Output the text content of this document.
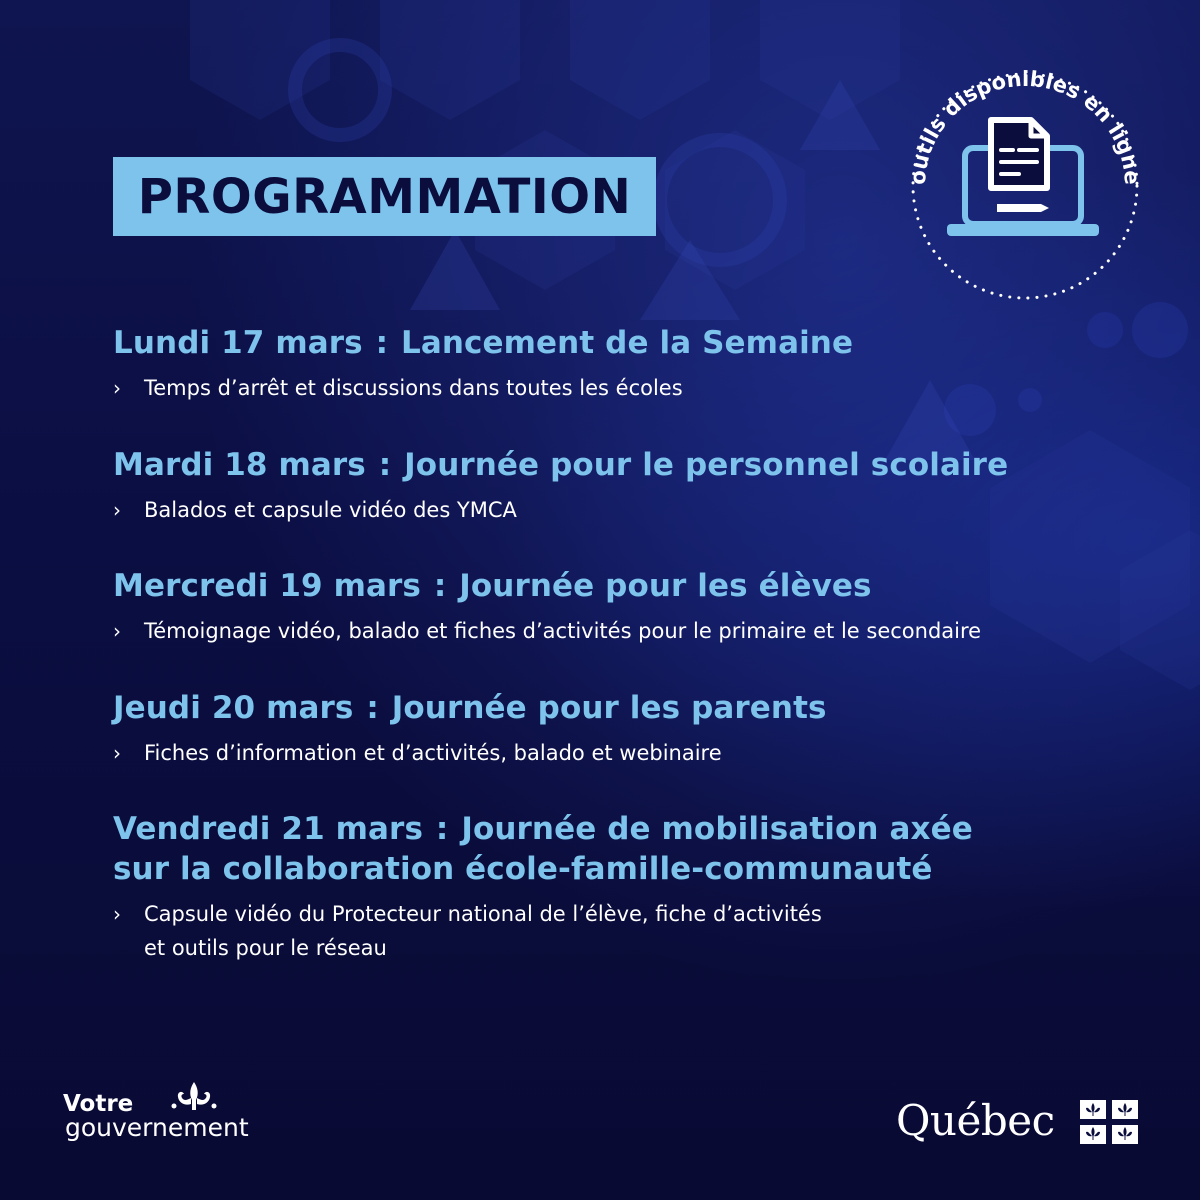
PROGRAMMATION	outils disponibles en ligne
Lundi 17 mars : Lancement de la Semaine
›	Temps d’arrêt et discussions dans toutes les écoles
Mardi 18 mars : Journée pour le personnel scolaire
›	Balados et capsule vidéo des YMCA
Mercredi 19 mars : Journée pour les élèves
›	Témoignage vidéo, balado et fiches d’activités pour le primaire et le secondaire
Jeudi 20 mars : Journée pour les parents
›	Fiches d’information et d’activités, balado et webinaire
Vendredi 21 mars : Journée de mobilisation axée
sur la collaboration école-famille-communauté
›	Capsule vidéo du Protecteur national de l’élève, fiche d’activités
et outils pour le réseau
Votre
gouvernement	Québec
